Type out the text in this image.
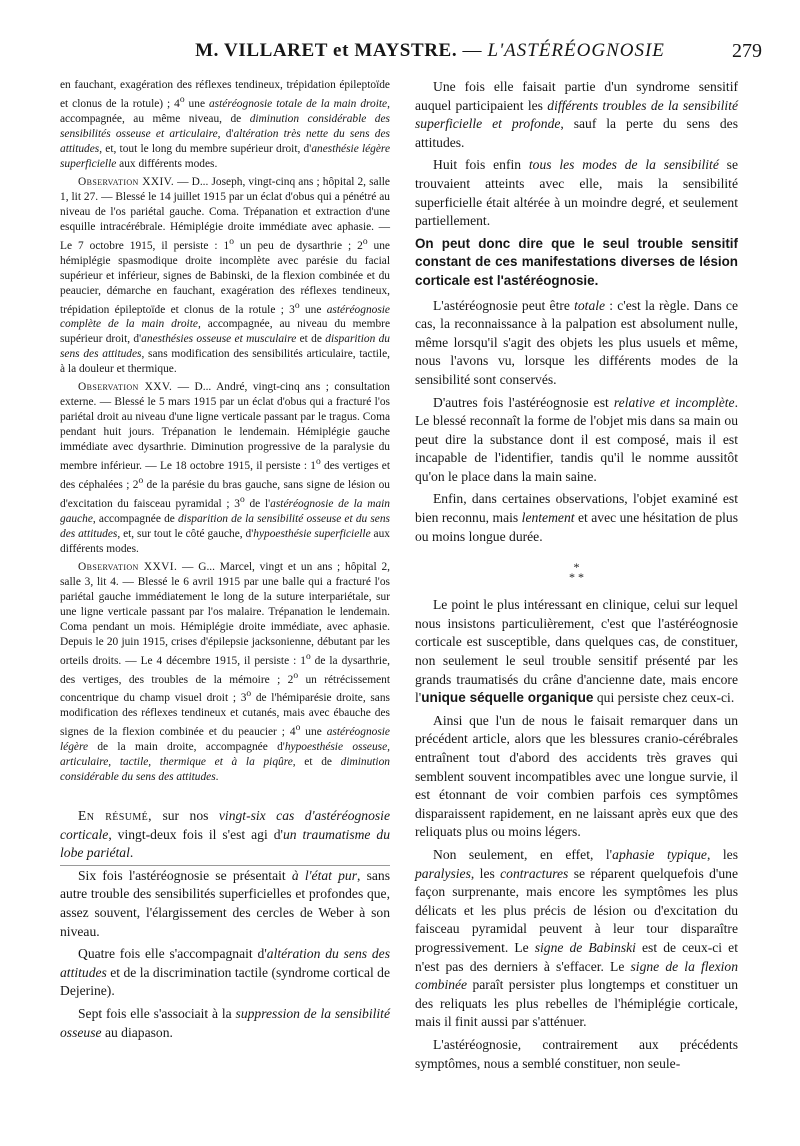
M. VILLARET et MAYSTRE. — L'ASTÉRÉOGNOSIE	279

en fauchant, exagération des réflexes tendineux, trépidation épileptoïde et clonus de la rotule) ; 4$^o$ une astéréognosie totale de la main droite, accompagnée, au même niveau, de diminution considérable des sensibilités osseuse et articulaire, d'altération très nette du sens des attitudes, et, tout le long du membre supérieur droit, d'anesthésie légère superficielle aux différents modes.

Observation XXIV. — D... Joseph, vingt-cinq ans ; hôpital 2, salle 1, lit 27. — Blessé le 14 juillet 1915 par un éclat d'obus qui a pénétré au niveau de l'os pariétal gauche. Coma. Trépanation et extraction d'une esquille intracérébrale. Hémiplégie droite immédiate avec aphasie. — Le 7 octobre 1915, il persiste : 1$^o$ un peu de dysarthrie ; 2$^o$ une hémiplégie spasmodique droite incomplète avec parésie du facial supérieur et inférieur, signes de Babinski, de la flexion combinée et du peaucier, démarche en fauchant, exagération des réflexes tendineux, trépidation épileptoïde et clonus de la rotule ; 3$^o$ une astéréognosie complète de la main droite, accompagnée, au niveau du membre supérieur droit, d'anesthésies osseuse et musculaire et de disparition du sens des attitudes, sans modification des sensibilités articulaire, tactile, à la douleur et thermique.

Observation XXV. — D... André, vingt-cinq ans ; consultation externe. — Blessé le 5 mars 1915 par un éclat d'obus qui a fracturé l'os pariétal droit au niveau d'une ligne verticale passant par le tragus. Coma pendant huit jours. Trépanation le lendemain. Hémiplégie gauche immédiate avec dysarthrie. Diminution progressive de la paralysie du membre inférieur. — Le 18 octobre 1915, il persiste : 1$^o$ des vertiges et des céphalées ; 2$^o$ de la parésie du bras gauche, sans signe de lésion ou d'excitation du faisceau pyramidal ; 3$^o$ de l'astéréognosie de la main gauche, accompagnée de disparition de la sensibilité osseuse et du sens des attitudes, et, sur tout le côté gauche, d'hypoesthésie superficielle aux différents modes.

Observation XXVI. — G... Marcel, vingt et un ans ; hôpital 2, salle 3, lit 4. — Blessé le 6 avril 1915 par une balle qui a fracturé l'os pariétal gauche immédiatement le long de la suture interpariétale, sur une ligne verticale passant par l'os malaire. Trépanation le lendemain. Coma pendant un mois. Hémiplégie droite immédiate, avec aphasie. Depuis le 20 juin 1915, crises d'épilepsie jacksonienne, débutant par les orteils droits. — Le 4 décembre 1915, il persiste : 1$^o$ de la dysarthrie, des vertiges, des troubles de la mémoire ; 2$^o$ un rétrécissement concentrique du champ visuel droit ; 3$^o$ de l'hémiparésie droite, sans modification des réflexes tendineux et cutanés, mais avec ébauche des signes de la flexion combinée et du peaucier ; 4$^o$ une astéréognosie légère de la main droite, accompagnée d'hypoesthésie osseuse, articulaire, tactile, thermique et à la piqûre, et de diminution considérable du sens des attitudes.

En résumé, sur nos vingt-six cas d'astéréognosie corticale, vingt-deux fois il s'est agi d'un traumatisme du lobe pariétal.

Six fois l'astéréognosie se présentait à l'état pur, sans autre trouble des sensibilités superficielles et profondes que, assez souvent, l'élargissement des cercles de Weber à son niveau.

Quatre fois elle s'accompagnait d'altération du sens des attitudes et de la discrimination tactile (syndrome cortical de Dejerine).

Sept fois elle s'associait à la suppression de la sensibilité osseuse au diapason.

Une fois elle faisait partie d'un syndrome sensitif auquel participaient les différents troubles de la sensibilité superficielle et profonde, sauf la perte du sens des attitudes.

Huit fois enfin tous les modes de la sensibilité se trouvaient atteints avec elle, mais la sensibilité superficielle était altérée à un moindre degré, et seulement partiellement.

On peut donc dire que le seul trouble sensitif constant de ces manifestations diverses de lésion corticale est l'astéréognosie.

L'astéréognosie peut être totale : c'est la règle. Dans ce cas, la reconnaissance à la palpation est absolument nulle, même lorsqu'il s'agit des objets les plus usuels et même, nous l'avons vu, lorsque les différents modes de la sensibilité sont conservés.

D'autres fois l'astéréognosie est relative et incomplète. Le blessé reconnaît la forme de l'objet mis dans sa main ou peut dire la substance dont il est composé, mais il est incapable de l'identifier, tandis qu'il le nomme aussitôt qu'on le place dans la main saine.

Enfin, dans certaines observations, l'objet examiné est bien reconnu, mais lentement et avec une hésitation de plus ou moins longue durée.

*
* *

Le point le plus intéressant en clinique, celui sur lequel nous insistons particulièrement, c'est que l'astéréognosie corticale est susceptible, dans quelques cas, de constituer, non seulement le seul trouble sensitif présenté par les grands traumatisés du crâne d'ancienne date, mais encore l'unique séquelle organique qui persiste chez ceux-ci.

Ainsi que l'un de nous le faisait remarquer dans un précédent article, alors que les blessures cranio-cérébrales entraînent tout d'abord des accidents très graves qui semblent souvent incompatibles avec une longue survie, il est étonnant de voir combien parfois ces symptômes disparaissent rapidement, en ne laissant après eux que des reliquats plus ou moins légers.

Non seulement, en effet, l'aphasie typique, les paralysies, les contractures se réparent quelquefois d'une façon surprenante, mais encore les symptômes les plus délicats et les plus précis de lésion ou d'excitation du faisceau pyramidal peuvent à leur tour disparaître progressivement. Le signe de Babinski est de ceux-ci et n'est pas des derniers à s'effacer. Le signe de la flexion combinée paraît persister plus longtemps et constituer un des reliquats les plus rebelles de l'hémiplégie corticale, mais il finit aussi par s'atténuer.

L'astéréognosie, contrairement aux précédents symptômes, nous a semblé constituer, non seule-
